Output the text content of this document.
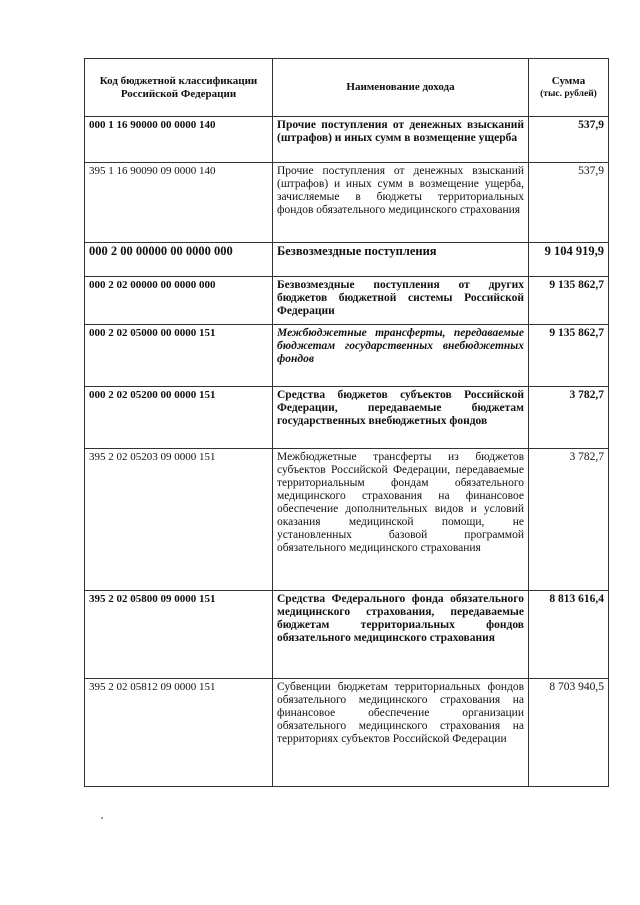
Код бюджетной классификации Российской Федерации	Наименование дохода	Сумма
(тыс. рублей)

000 1 16 90000 00 0000 140	Прочие поступления от денежных взысканий (штрафов) и иных сумм в возмещение ущерба	537,9
395 1 16 90090 09 0000 140	Прочие поступления от денежных взысканий (штрафов) и иных сумм в возмещение ущерба, зачисляемые в бюджеты территориальных фондов обязательного медицинского страхования	537,9
000 2 00 00000 00 0000 000	Безвозмездные поступления	9 104 919,9
000 2 02 00000 00 0000 000	Безвозмездные поступления от других бюджетов бюджетной системы Российской Федерации	9 135 862,7
000 2 02 05000 00 0000 151	Межбюджетные трансферты, передаваемые бюджетам государственных внебюджетных фондов	9 135 862,7
000 2 02 05200 00 0000 151	Средства бюджетов субъектов Российской Федерации, передаваемые бюджетам государственных внебюджетных фондов	3 782,7
395 2 02 05203 09 0000 151	Межбюджетные трансферты из бюджетов субъектов Российской Федерации, передаваемые территориальным фондам обязательного медицинского страхования на финансовое обеспечение дополнительных видов и условий оказания медицинской помощи, не установленных базовой программой обязательного медицинского страхования	3 782,7
395 2 02 05800 09 0000 151	Средства Федерального фонда обязательного медицинского страхования, передаваемые бюджетам территориальных фондов обязательного медицинского страхования	8 813 616,4
395 2 02 05812 09 0000 151	Субвенции бюджетам территориальных фондов обязательного медицинского страхования на финансовое обеспечение организации обязательного медицинского страхования на территориях субъектов Российской Федерации	8 703 940,5
